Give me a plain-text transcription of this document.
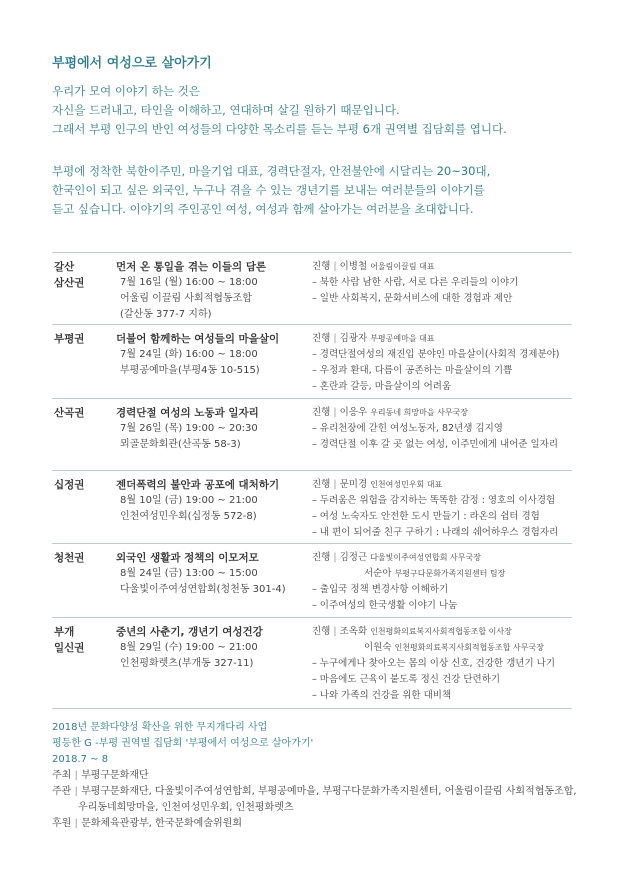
부평에서 여성으로 살아가기
우리가 모여 이야기 하는 것은
자신을 드러내고, 타인을 이해하고, 연대하며 살길 원하기 때문입니다.
그래서 부평 인구의 반인 여성들의 다양한 목소리를 듣는 부평 6개 권역별 집담회를 엽니다.
부평에 정착한 북한이주민, 마을기업 대표, 경력단절자, 안전불안에 시달리는 20~30대,
한국인이 되고 싶은 외국인, 누구나 겪을 수 있는 갱년기를 보내는 여러분들의 이야기를
듣고 싶습니다. 이야기의 주인공인 여성, 여성과 함께 살아가는 여러분을 초대합니다.
갈산
삼산권
먼저 온 통일을 겪는 이들의 담론
7월 16일 (월) 16:00 ~ 18:00
어울림 이끌림 사회적협동조합
(갈산동 377-7 지하)
진행 | 이병철 어울림이끌림 대표
– 북한 사람 남한 사람, 서로 다른 우리들의 이야기
– 일반 사회복지, 문화서비스에 대한 경험과 제안
부평권	더불어 함께하는 여성들의 마을살이
7월 24일 (화) 16:00 ~ 18:00
부평공예마을(부평4동 10-515)
진행 | 김광자 부평공예마을 대표
– 경력단절여성의 재진입 분야인 마을살이(사회적 경제분야)
– 우정과 환대, 다름이 공존하는 마을살이의 기쁨
– 혼란과 갈등, 마을살이의 어려움
산곡권	경력단절 여성의 노동과 일자리
7월 26일 (목) 19:00 ~ 20:30
뫼골문화회관(산곡동 58-3)
진행 | 이응우 우리동네 희망마을 사무국장
– 유리천장에 갇힌 여성노동자, 82년생 김지영
– 경력단절 이후 갈 곳 없는 여성, 이주민에게 내어준 일자리
십정권	젠더폭력의 불안과 공포에 대처하기
8월 10일 (금) 19:00 ~ 21:00
인천여성민우회(십정동 572-8)
진행 | 문미경 인천여성민우회 대표
– 두려움은 위험을 감지하는 똑똑한 감정 : 영호의 이사경험
– 여성 노숙자도 안전한 도시 만들기 : 라온의 쉼터 경험
– 내 편이 되어줄 친구 구하기 : 나래의 쉐어하우스 경험자리
청천권	외국인 생활과 정책의 이모저모
8월 24일 (금) 13:00 ~ 15:00
다울빛이주여성연합회(청천동 301-4)
진행 | 김정근 다울빛이주여성연합회 사무국장
서순아 부평구다문화가족지원센터 팀장
– 출입국 정책 변경사항 이해하기
– 이주여성의 한국생활 이야기 나눔
부개
일신권
중년의 사춘기, 갱년기 여성건강
8월 29일 (수) 19:00 ~ 21:00
인천평화렛츠(부개동 327-11)
진행 | 조옥화 인천평화의료복지사회적협동조합 이사장
이원숙 인천평화의료복지사회적협동조합 사무국장
– 누구에게나 찾아오는 몸의 이상 신호, 건강한 갱년기 나기
– 마음에도 근육이 붙도록 정신 건강 단련하기
– 나와 가족의 건강을 위한 대비책
2018년 문화다양성 확산을 위한 무지개다리 사업
평등한 G -부평 권역별 집담회 '부평에서 여성으로 살아가기'
2018.7 ~ 8
주최 | 부평구문화재단
주관 | 부평구문화재단, 다울빛이주여성연합회, 부평공예마을, 부평구다문화가족지원센터, 어울림이끌림 사회적협동조합,
우리동네희망마을, 인천여성민우회, 인천평화렛츠
후원 | 문화체육관광부, 한국문화예술위원회
